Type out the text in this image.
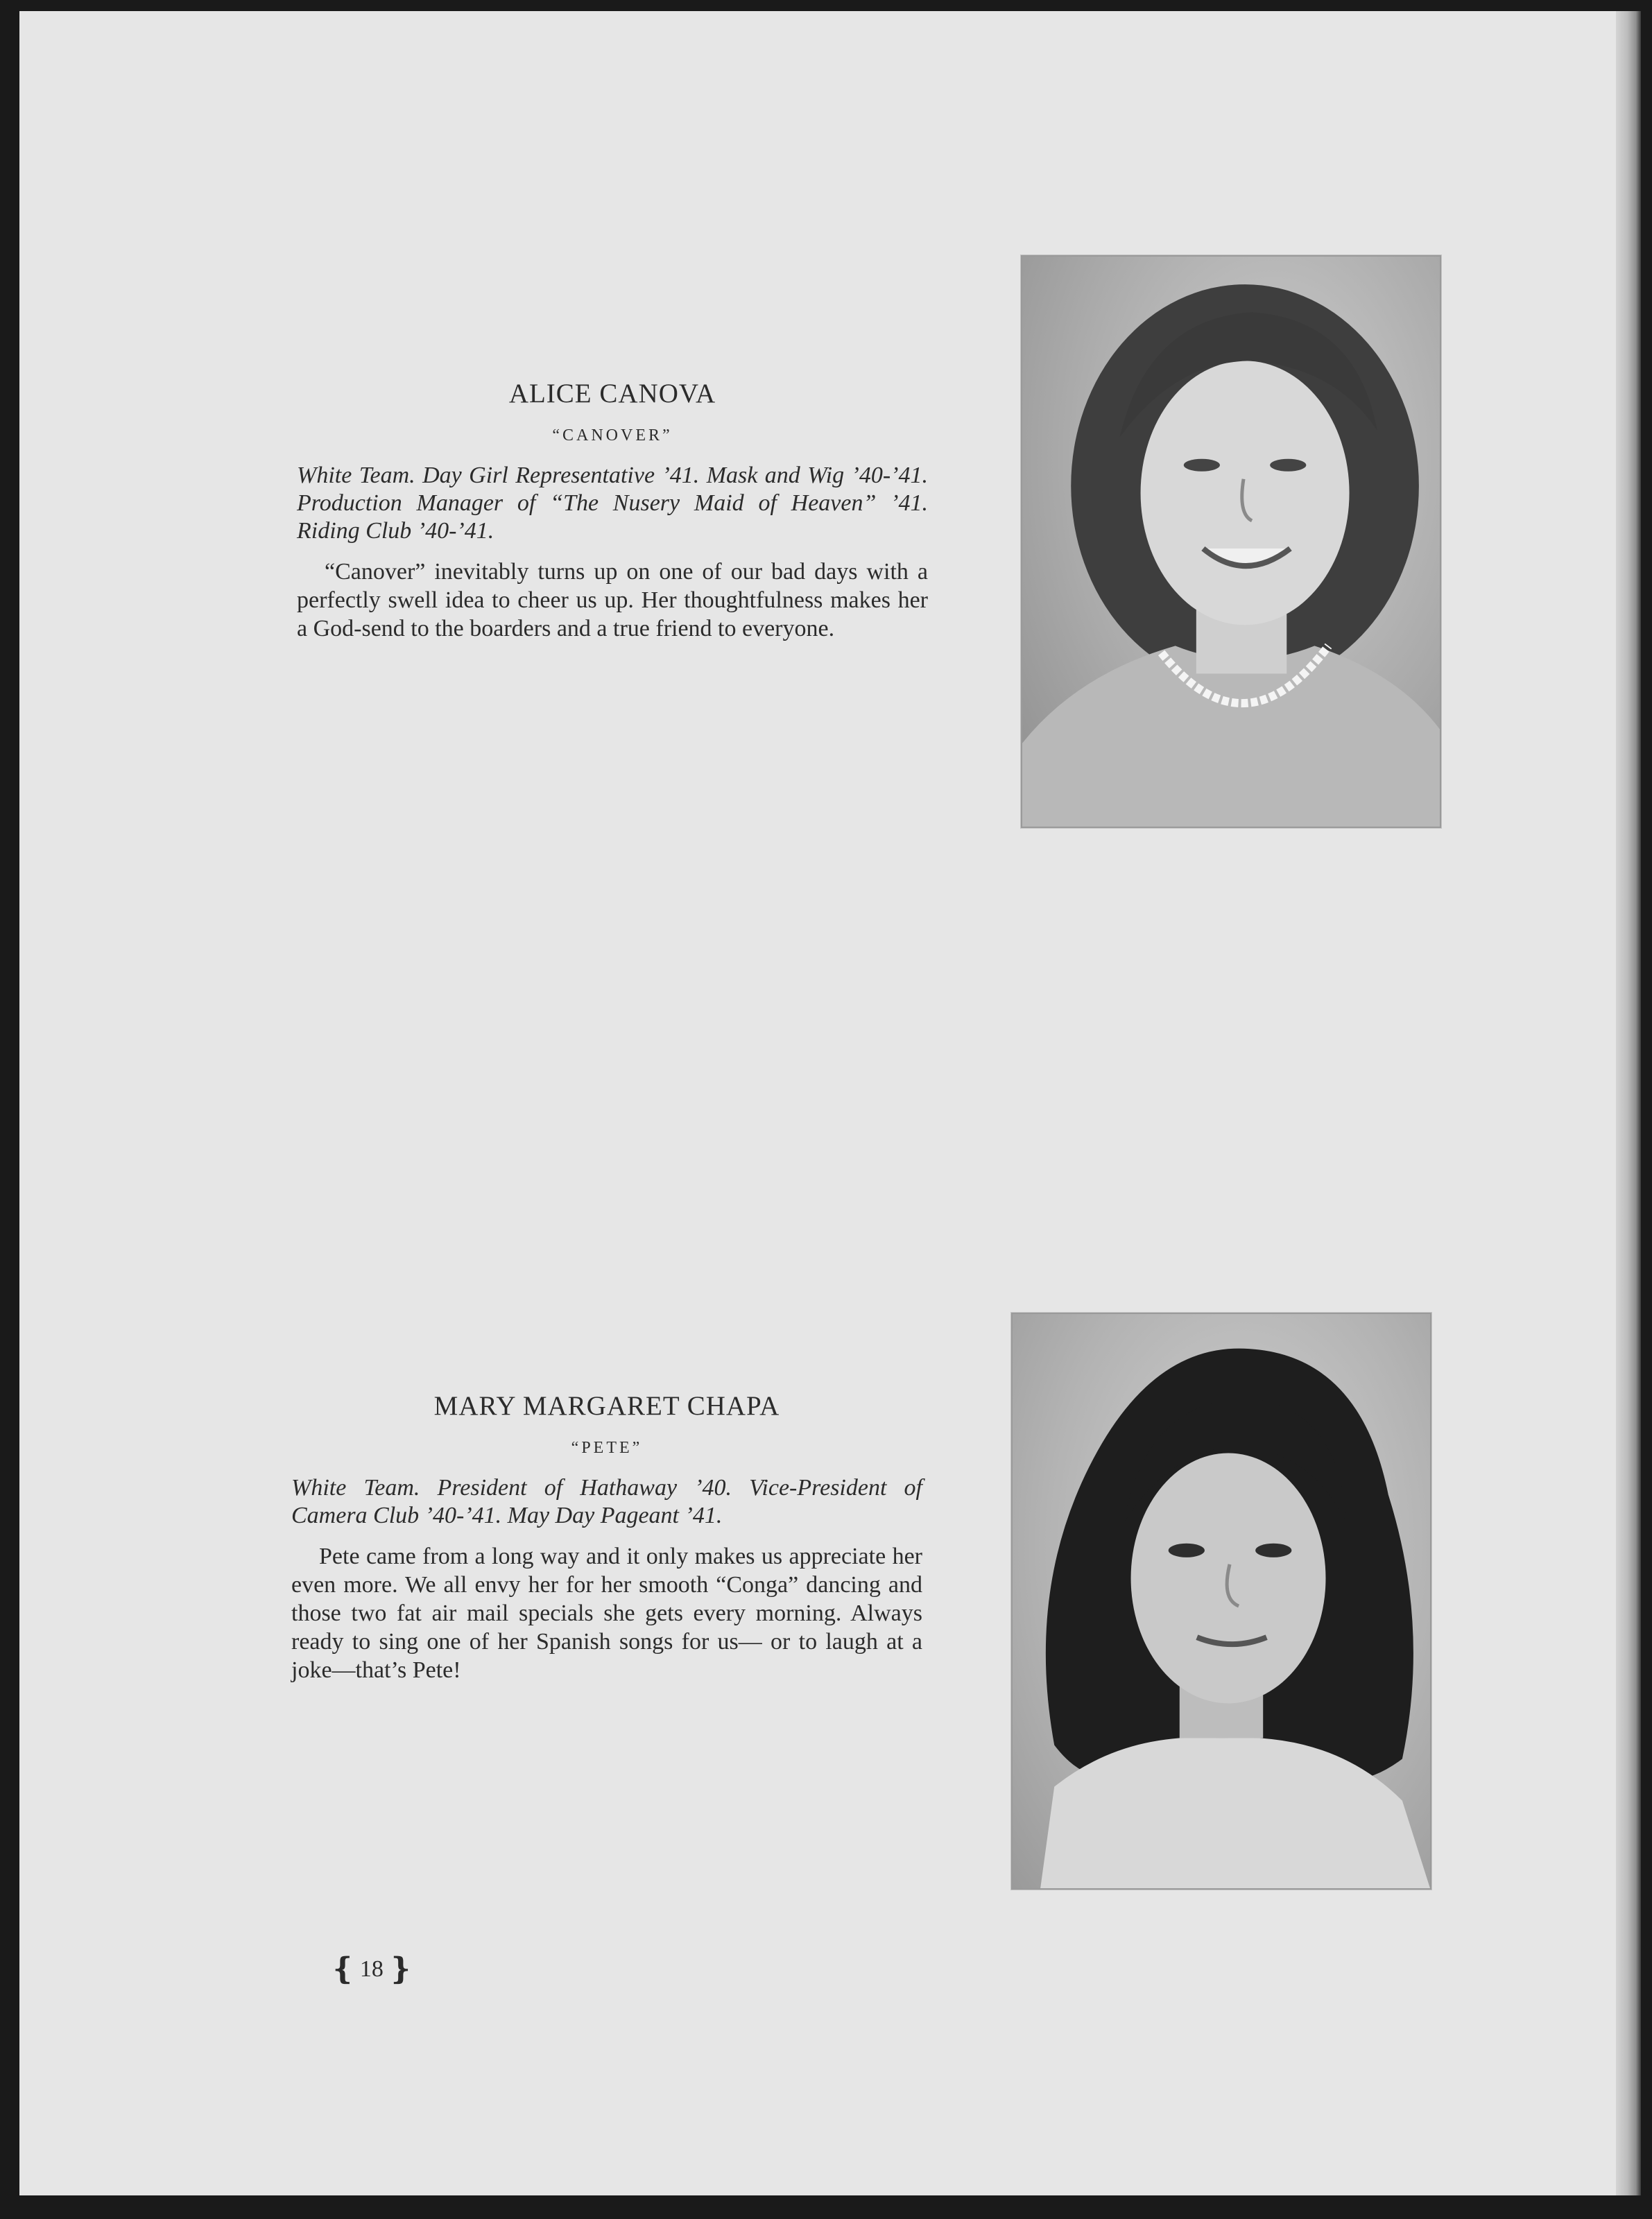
ALICE CANOVA
“CANOVER”

White Team. Day Girl Representative ’41. Mask and Wig ’40-’41. Production Manager of “The Nusery Maid of Heaven” ’41. Riding Club ’40-’41.

“Canover” inevitably turns up on one of our bad days with a perfectly swell idea to cheer us up. Her thoughtfulness makes her a God-send to the boarders and a true friend to everyone.

MARY MARGARET CHAPA
“PETE”

White Team. President of Hathaway ’40. Vice-President of Camera Club ’40-’41. May Day Pageant ’41.

Pete came from a long way and it only makes us appreciate her even more. We all envy her for her smooth “Conga” dancing and those two fat air mail specials she gets every morning. Always ready to sing one of her Spanish songs for us— or to laugh at a joke—that’s Pete!

❴ 18 ❵
